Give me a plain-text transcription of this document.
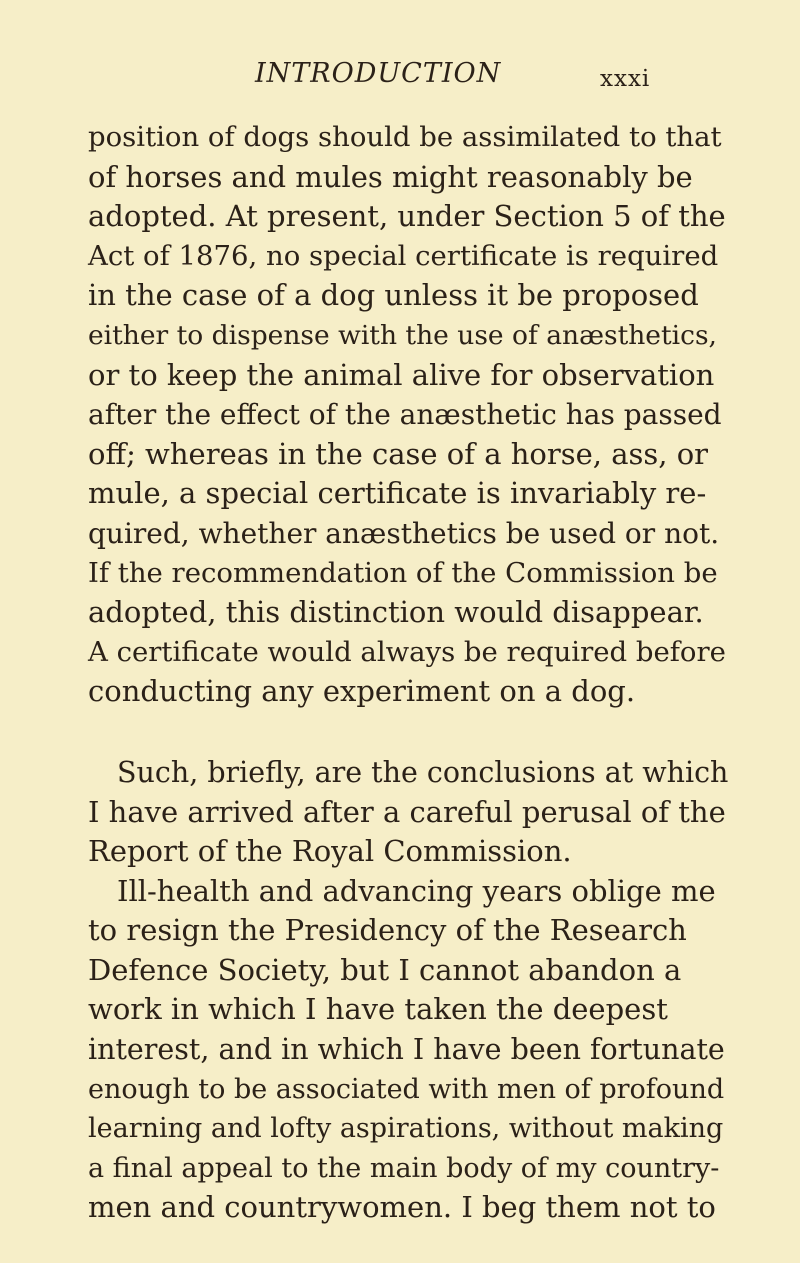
INTRODUCTION	xxxi
position of dogs should be assimilated to that
of horses and mules might reasonably be
adopted. At present, under Section 5 of the
Act of 1876, no special certificate is required
in the case of a dog unless it be proposed
either to dispense with the use of anæsthetics,
or to keep the animal alive for observation
after the effect of the anæsthetic has passed
off; whereas in the case of a horse, ass, or
mule, a special certificate is invariably re-
quired, whether anæsthetics be used or not.
If the recommendation of the Commission be
adopted, this distinction would disappear.
A certificate would always be required before
conducting any experiment on a dog.
Such, briefly, are the conclusions at which
I have arrived after a careful perusal of the
Report of the Royal Commission.
Ill-health and advancing years oblige me
to resign the Presidency of the Research
Defence Society, but I cannot abandon a
work in which I have taken the deepest
interest, and in which I have been fortunate
enough to be associated with men of profound
learning and lofty aspirations, without making
a final appeal to the main body of my country-
men and countrywomen. I beg them not to
